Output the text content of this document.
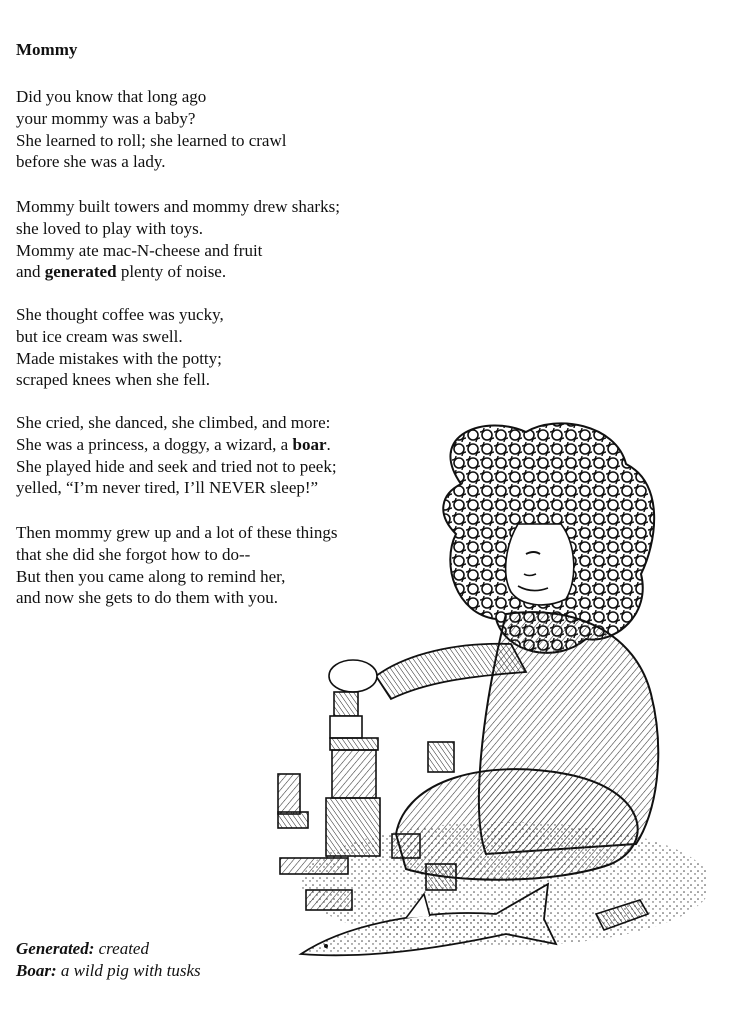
Mommy
Did you know that long ago
your mommy was a baby?
She learned to roll; she learned to crawl
before she was a lady.
Mommy built towers and mommy drew sharks;
she loved to play with toys.
Mommy ate mac-N-cheese and fruit
and generated plenty of noise.
She thought coffee was yucky,
but ice cream was swell.
Made mistakes with the potty;
scraped knees when she fell.
She cried, she danced, she climbed, and more:
She was a princess, a doggy, a wizard, a boar.
She played hide and seek and tried not to peek;
yelled, “I’m never tired, I’ll NEVER sleep!”
Then mommy grew up and a lot of these things
that she did she forgot how to do--
But then you came along to remind her,
and now she gets to do them with you.
Generated: created
Boar: a wild pig with tusks
